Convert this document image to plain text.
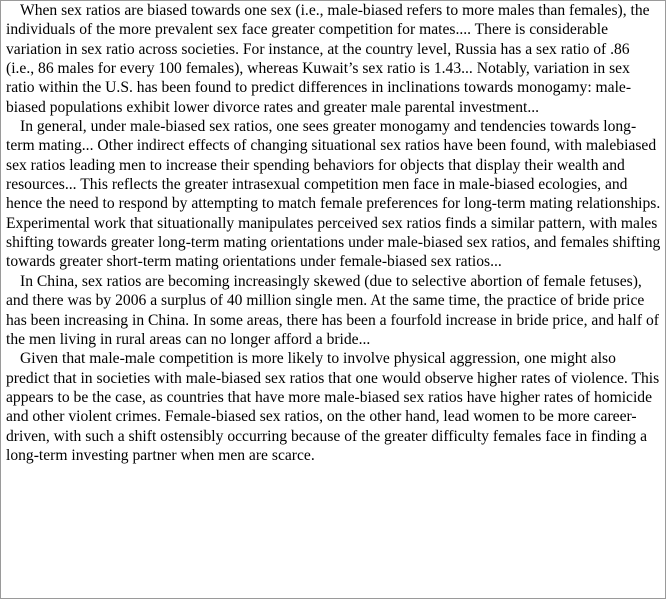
When sex ratios are biased towards one sex (i.e., male-biased refers to more males than females), the individuals of the more prevalent sex face greater competition for mates.... There is considerable variation in sex ratio across societies. For instance, at the country level, Russia has a sex ratio of .86 (i.e., 86 males for every 100 females), whereas Kuwait’s sex ratio is 1.43... Notably, variation in sex ratio within the U.S. has been found to predict differences in inclinations towards monogamy: male-biased populations exhibit lower divorce rates and greater male parental investment...

In general, under male-biased sex ratios, one sees greater monogamy and tendencies towards long-term mating... Other indirect effects of changing situational sex ratios have been found, with malebiased sex ratios leading men to increase their spending behaviors for objects that display their wealth and resources... This reflects the greater intrasexual competition men face in male-biased ecologies, and hence the need to respond by attempting to match female preferences for long-term mating relationships. Experimental work that situationally manipulates perceived sex ratios finds a similar pattern, with males shifting towards greater long-term mating orientations under male-biased sex ratios, and females shifting towards greater short-term mating orientations under female-biased sex ratios...

In China, sex ratios are becoming increasingly skewed (due to selective abortion of female fetuses), and there was by 2006 a surplus of 40 million single men. At the same time, the practice of bride price has been increasing in China. In some areas, there has been a fourfold increase in bride price, and half of the men living in rural areas can no longer afford a bride...

Given that male-male competition is more likely to involve physical aggression, one might also predict that in societies with male-biased sex ratios that one would observe higher rates of violence. This appears to be the case, as countries that have more male-biased sex ratios have higher rates of homicide and other violent crimes. Female-biased sex ratios, on the other hand, lead women to be more career-driven, with such a shift ostensibly occurring because of the greater difficulty females face in finding a long-term investing partner when men are scarce.
